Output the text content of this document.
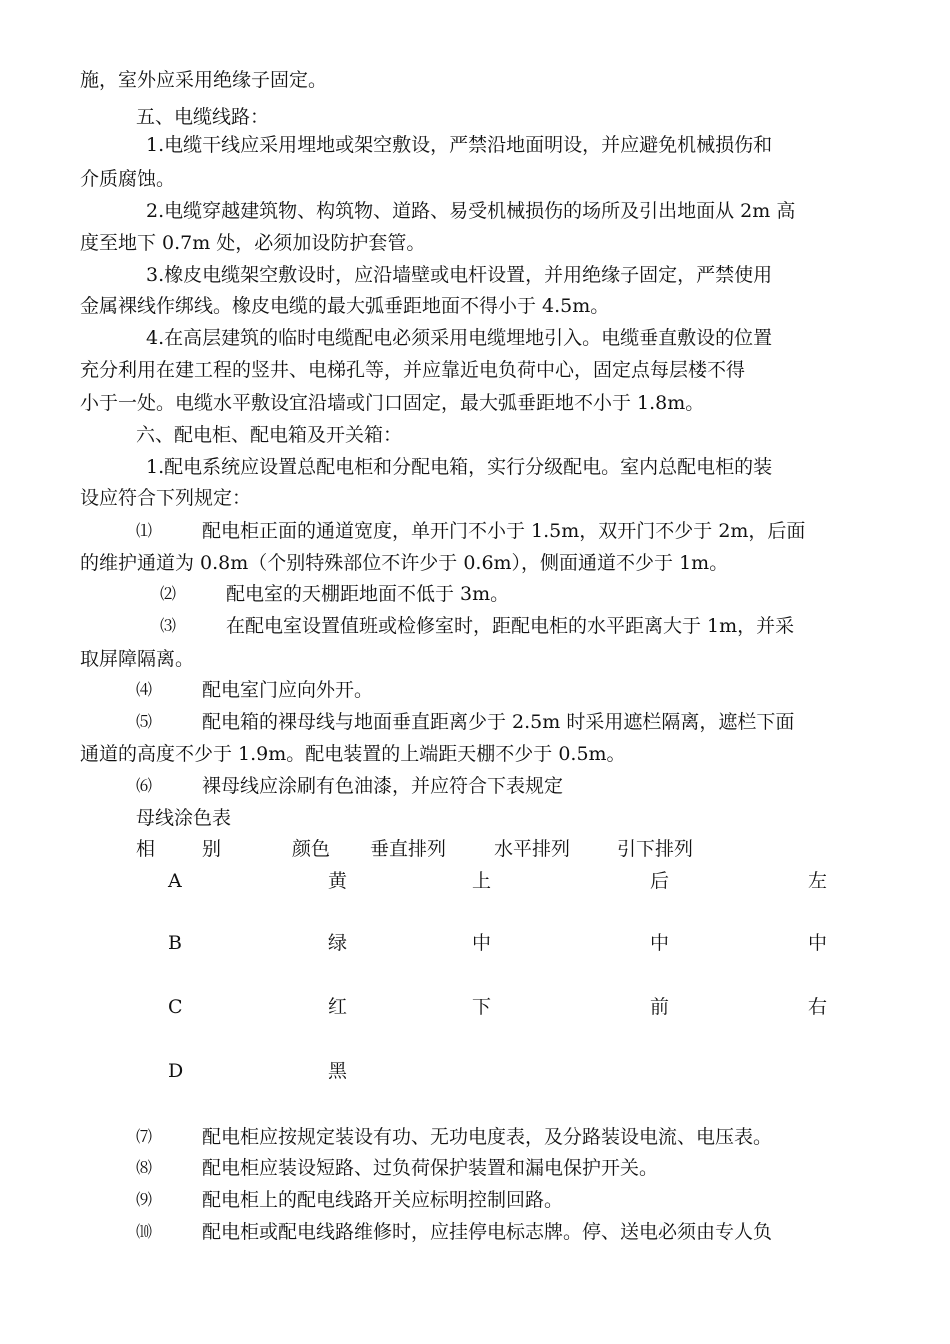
施，室外应采用绝缘子固定。
五、电缆线路：
1.电缆干线应采用埋地或架空敷设，严禁沿地面明设，并应避免机械损伤和
介质腐蚀。
2.电缆穿越建筑物、构筑物、道路、易受机械损伤的场所及引出地面从 2m 高
度至地下 0.7m 处，必须加设防护套管。
3.橡皮电缆架空敷设时，应沿墙壁或电杆设置，并用绝缘子固定，严禁使用
金属裸线作绑线。橡皮电缆的最大弧垂距地面不得小于 4.5m。
4.在高层建筑的临时电缆配电必须采用电缆埋地引入。电缆垂直敷设的位置
充分利用在建工程的竖井、电梯孔等，并应靠近电负荷中心，固定点每层楼不得
小于一处。电缆水平敷设宜沿墙或门口固定，最大弧垂距地不小于 1.8m。
六、配电柜、配电箱及开关箱：
1.配电系统应设置总配电柜和分配电箱，实行分级配电。室内总配电柜的装
设应符合下列规定：
⑴	配电柜正面的通道宽度，单开门不小于 1.5m，双开门不少于 2m，后面
的维护通道为 0.8m（个别特殊部位不许少于 0.6m），侧面通道不少于 1m。
⑵	配电室的天棚距地面不低于 3m。
⑶	在配电室设置值班或检修室时，距配电柜的水平距离大于 1m，并采
取屏障隔离。
⑷	配电室门应向外开。
⑸	配电箱的裸母线与地面垂直距离少于 2.5m 时采用遮栏隔离，遮栏下面
通道的高度不少于 1.9m。配电装置的上端距天棚不少于 0.5m。
⑹	裸母线应涂刷有色油漆，并应符合下表规定
母线涂色表
相 别	颜色 垂直排列	水平排列 引下排列
A	黄	上	后	左
B	绿	中	中	中
C	红	下	前	右
D	黑
⑺	配电柜应按规定装设有功、无功电度表，及分路装设电流、电压表。
⑻	配电柜应装设短路、过负荷保护装置和漏电保护开关。
⑼	配电柜上的配电线路开关应标明控制回路。
⑽	配电柜或配电线路维修时，应挂停电标志牌。停、送电必须由专人负
